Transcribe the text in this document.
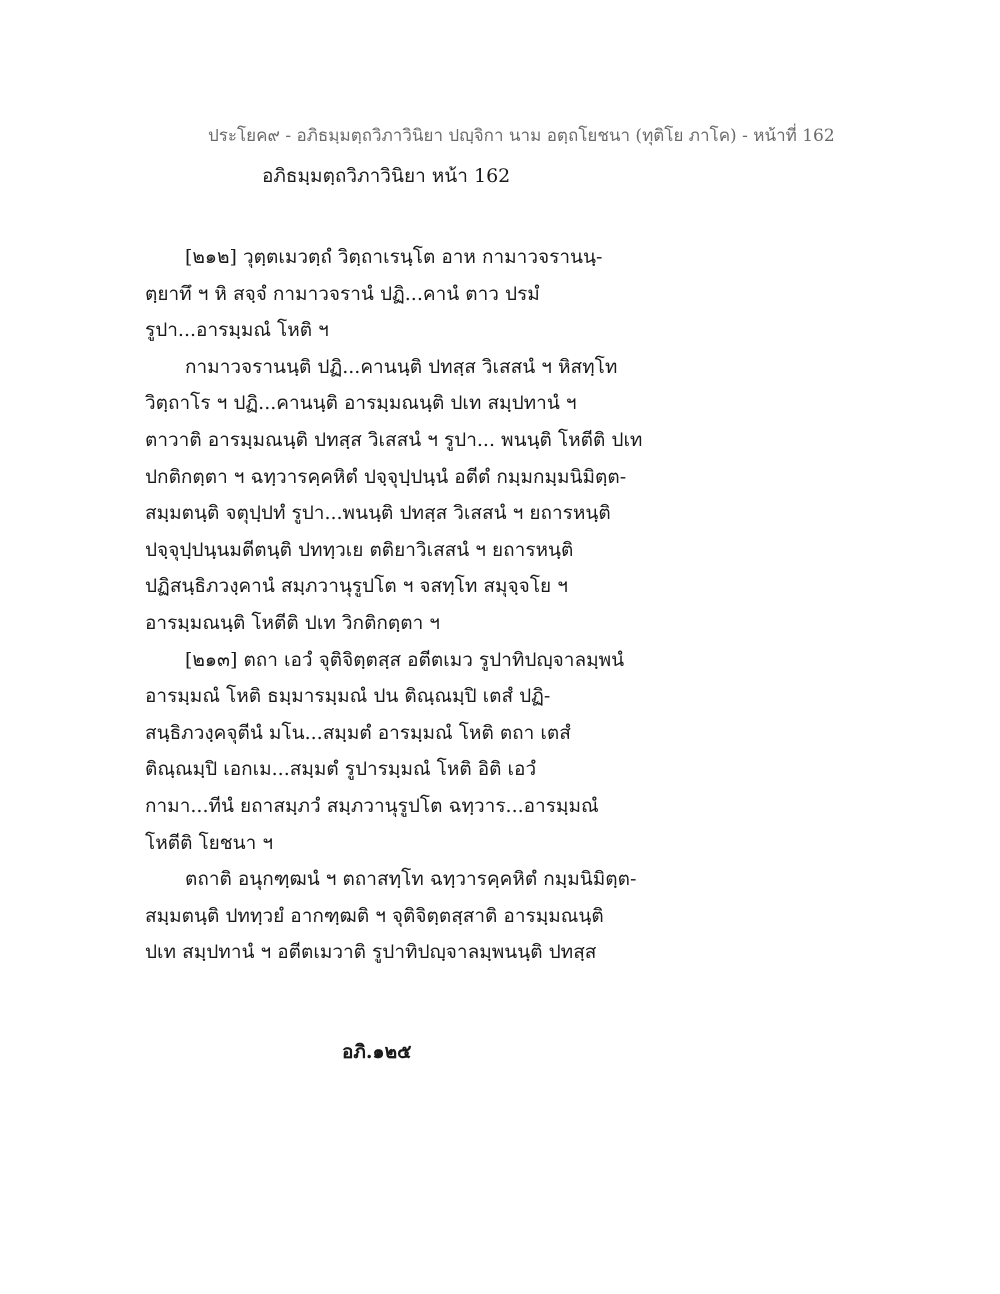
ประโยค๙ - อภิธมฺมตฺถวิภาวินิยา ปญฺจิกา นาม อตฺถโยชนา (ทุติโย ภาโค) - หน้าที่ 162
อภิธมฺมตฺถวิภาวินิยา หน้า 162
[๒๑๒] วุตฺตเมวตฺถํ วิตฺถาเรนฺโต อาห กามาวจรานนฺ-
ตฺยาทึ ฯ หิ สจฺจํ กามาวจรานํ ปฏิ...คานํ ตาว ปรมํ
รูปา...อารมฺมณํ โหติ ฯ
กามาวจรานนฺติ ปฏิ...คานนฺติ ปทสฺส วิเสสนํ ฯ หิสทฺโท
วิตฺถาโร ฯ ปฏิ...คานนฺติ อารมฺมณนฺติ ปเท สมฺปทานํ ฯ
ตาวาติ อารมฺมณนฺติ ปทสฺส วิเสสนํ ฯ รูปา... พนนฺติ โหตีติ ปเท
ปกติกตฺตา ฯ ฉทฺวารคฺคหิตํ ปจฺจุปฺปนฺนํ อตีตํ กมฺมกมฺมนิมิตฺต-
สมฺมตนฺติ จตุปฺปทํ รูปา...พนนฺติ ปทสฺส วิเสสนํ ฯ ยถารหนฺติ
ปจฺจุปฺปนฺนมตีตนฺติ ปททฺวเย ตติยาวิเสสนํ ฯ ยถารหนฺติ
ปฏิสนฺธิภวงฺคานํ สมฺภวานุรูปโต ฯ จสทฺโท สมุจฺจโย ฯ
อารมฺมณนฺติ โหตีติ ปเท วิกติกตฺตา ฯ
[๒๑๓] ตถา เอวํ จุติจิตฺตสฺส อตีตเมว รูปาทิปญฺจาลมฺพนํ
อารมฺมณํ โหติ ธมฺมารมฺมณํ ปน ติณฺณมฺปิ เตสํ ปฏิ-
สนฺธิภวงฺคจุตีนํ มโน...สมฺมตํ อารมฺมณํ โหติ ตถา เตสํ
ติณฺณมฺปิ เอกเม...สมฺมตํ รูปารมฺมณํ โหติ อิติ เอวํ
กามา...ทีนํ ยถาสมฺภวํ สมฺภวานุรูปโต ฉทฺวาร...อารมฺมณํ
โหตีติ โยชนา ฯ
ตถาติ อนุกฑฺฒนํ ฯ ตถาสทฺโท ฉทฺวารคฺคหิตํ กมฺมนิมิตฺต-
สมฺมตนฺติ ปททฺวยํ อากฑฺฒติ ฯ จุติจิตฺตสฺสาติ อารมฺมณนฺติ
ปเท สมฺปทานํ ฯ อตีตเมวาติ รูปาทิปญฺจาลมฺพนนฺติ ปทสฺส
อภิ.๑๒๕
